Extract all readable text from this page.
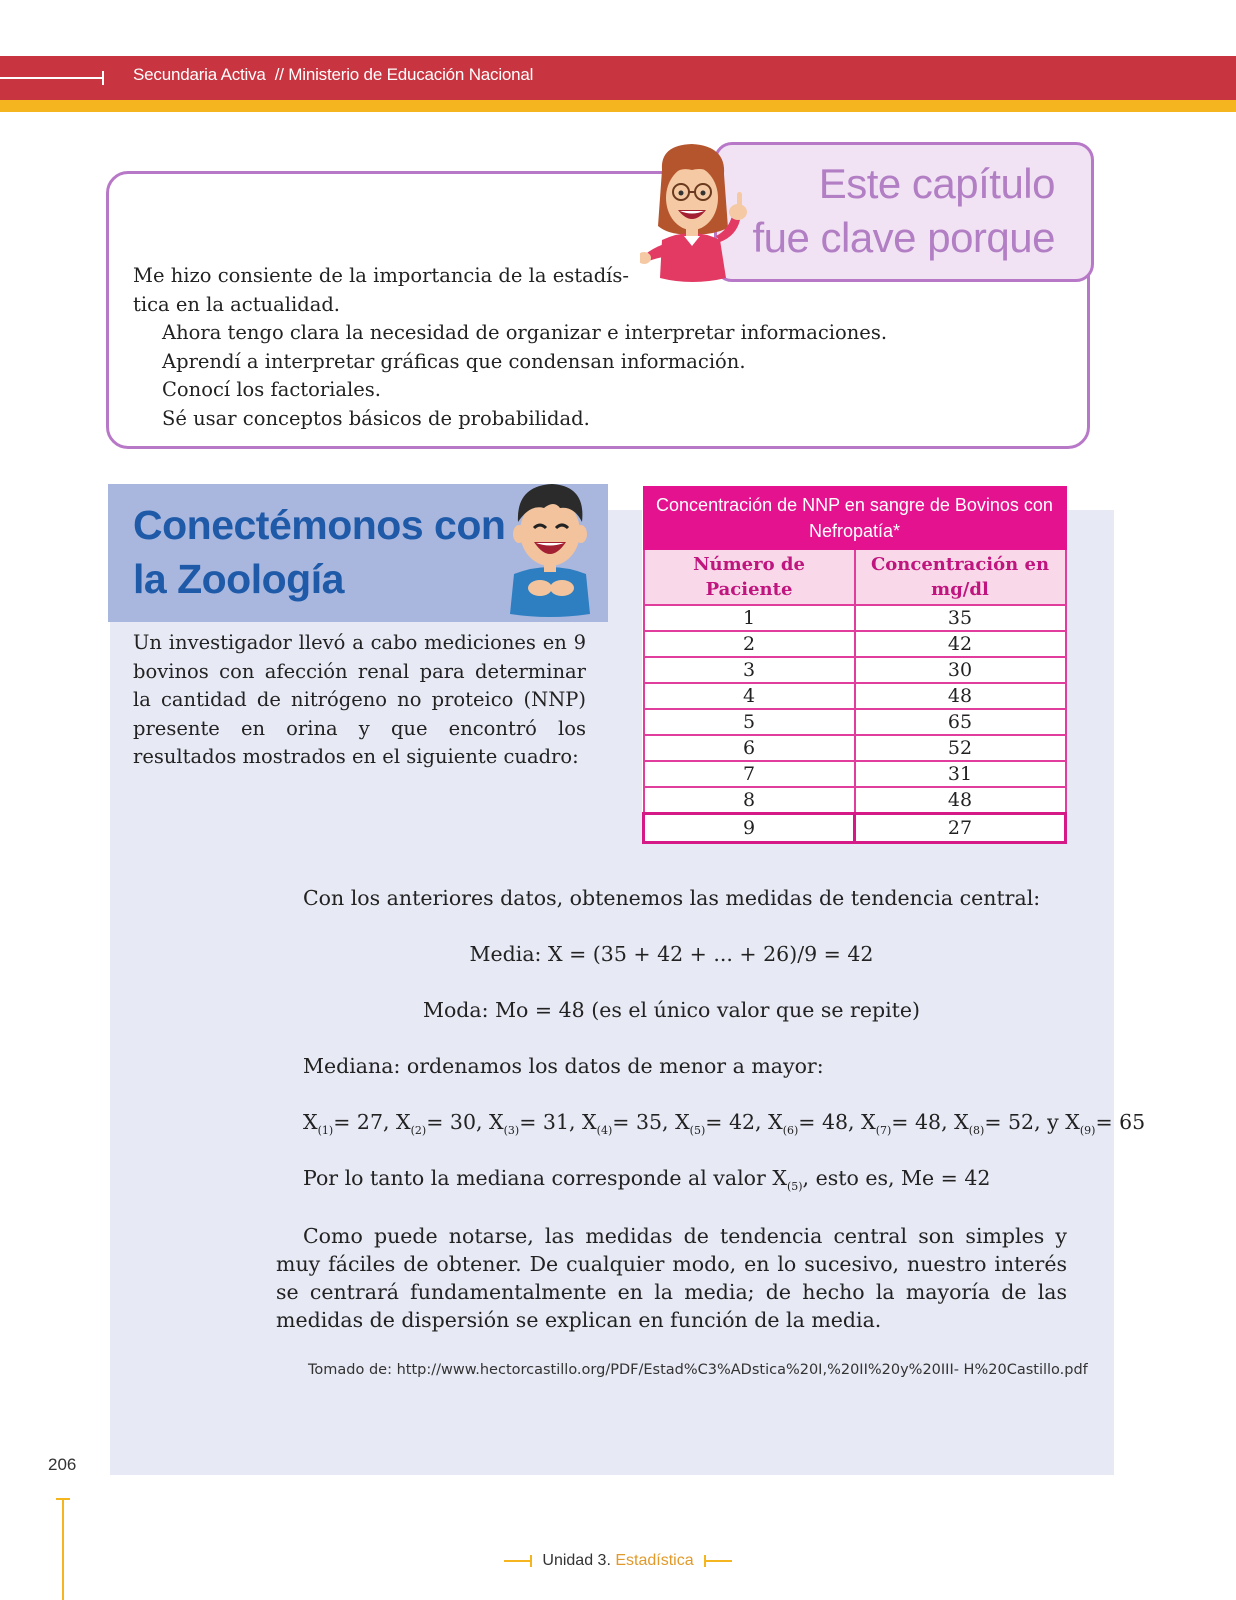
Secundaria Activa  // Ministerio de Educación Nacional
Este capítulo
fue clave porque
Me hizo consiente de la importancia de la estadís-
tica en la actualidad.
Ahora tengo clara la necesidad de organizar e interpretar informaciones.
Aprendí a interpretar gráficas que condensan información.
Conocí los factoriales.
Sé usar conceptos básicos de probabilidad.
Conectémonos con
la Zoología
Un investigador llevó a cabo mediciones en 9 bovinos con afección renal para determinar la cantidad de nitrógeno no proteico (NNP) presente en orina y que encontró los resultados mostrados en el siguiente cuadro:
Concentración de NNP en sangre de Bovinos con Nefropatía*	
Número de Paciente	Concentración en mg/dl
1	35
2	42
3	30
4	48
5	65
6	52
7	31
8	48
9	27
Con los anteriores datos, obtenemos las medidas de tendencia central:
Media: X = (35 + 42 + ... + 26)/9 = 42
Moda: Mo = 48 (es el único valor que se repite)
Mediana: ordenamos los datos de menor a mayor:
$X_{(1)}= 27$, $X_{(2)}= 30$, $X_{(3)}= 31$, $X_{(4)}= 35$, $X_{(5)}= 42$, $X_{(6)}= 48$, $X_{(7)}= 48$, $X_{(8)}= 52$, y $X_{(9)}= 65$
Por lo tanto la mediana corresponde al valor $X_{(5)}$, esto es, Me = 42
Como puede notarse, las medidas de tendencia central son simples y muy fáciles de obtener. De cualquier modo, en lo sucesivo, nuestro interés se centrará fundamentalmente en la media; de hecho la mayoría de las medidas de dispersión se explican en función de la media.
Tomado de: http://www.hectorcastillo.org/PDF/Estad%C3%ADstica%20I,%20II%20y%20III- H%20Castillo.pdf
206
Unidad 3. Estadística
